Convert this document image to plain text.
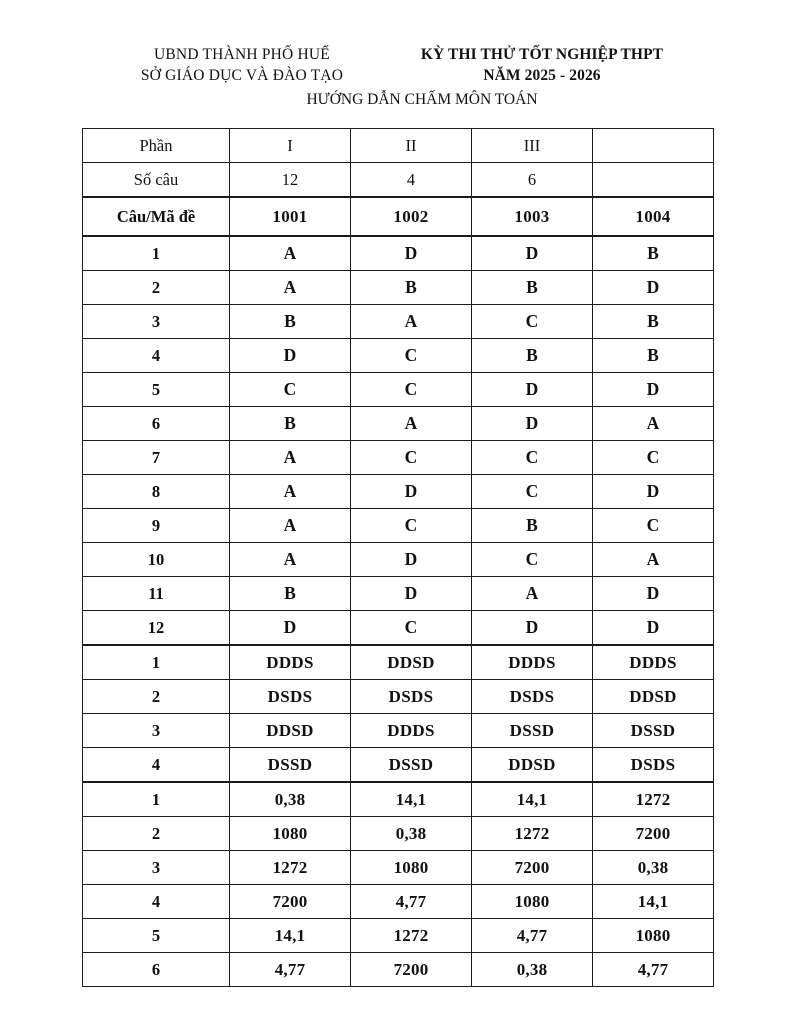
UBND THÀNH PHỐ HUẾ
SỞ GIÁO DỤC VÀ ĐÀO TẠO
KỲ THI THỬ TỐT NGHIỆP THPT
NĂM 2025 - 2026
HƯỚNG DẪN CHẤM MÔN TOÁN
Phần	I	II	III	
Số câu	12	4	6	
Câu/Mã đề	1001	1002	1003	1004
1	A	D	D	B
2	A	B	B	D
3	B	A	C	B
4	D	C	B	B
5	C	C	D	D
6	B	A	D	A
7	A	C	C	C
8	A	D	C	D
9	A	C	B	C
10	A	D	C	A
11	B	D	A	D
12	D	C	D	D
1	DDDS	DDSD	DDDS	DDDS
2	DSDS	DSDS	DSDS	DDSD
3	DDSD	DDDS	DSSD	DSSD
4	DSSD	DSSD	DDSD	DSDS
1	0,38	14,1	14,1	1272
2	1080	0,38	1272	7200
3	1272	1080	7200	0,38
4	7200	4,77	1080	14,1
5	14,1	1272	4,77	1080
6	4,77	7200	0,38	4,77
